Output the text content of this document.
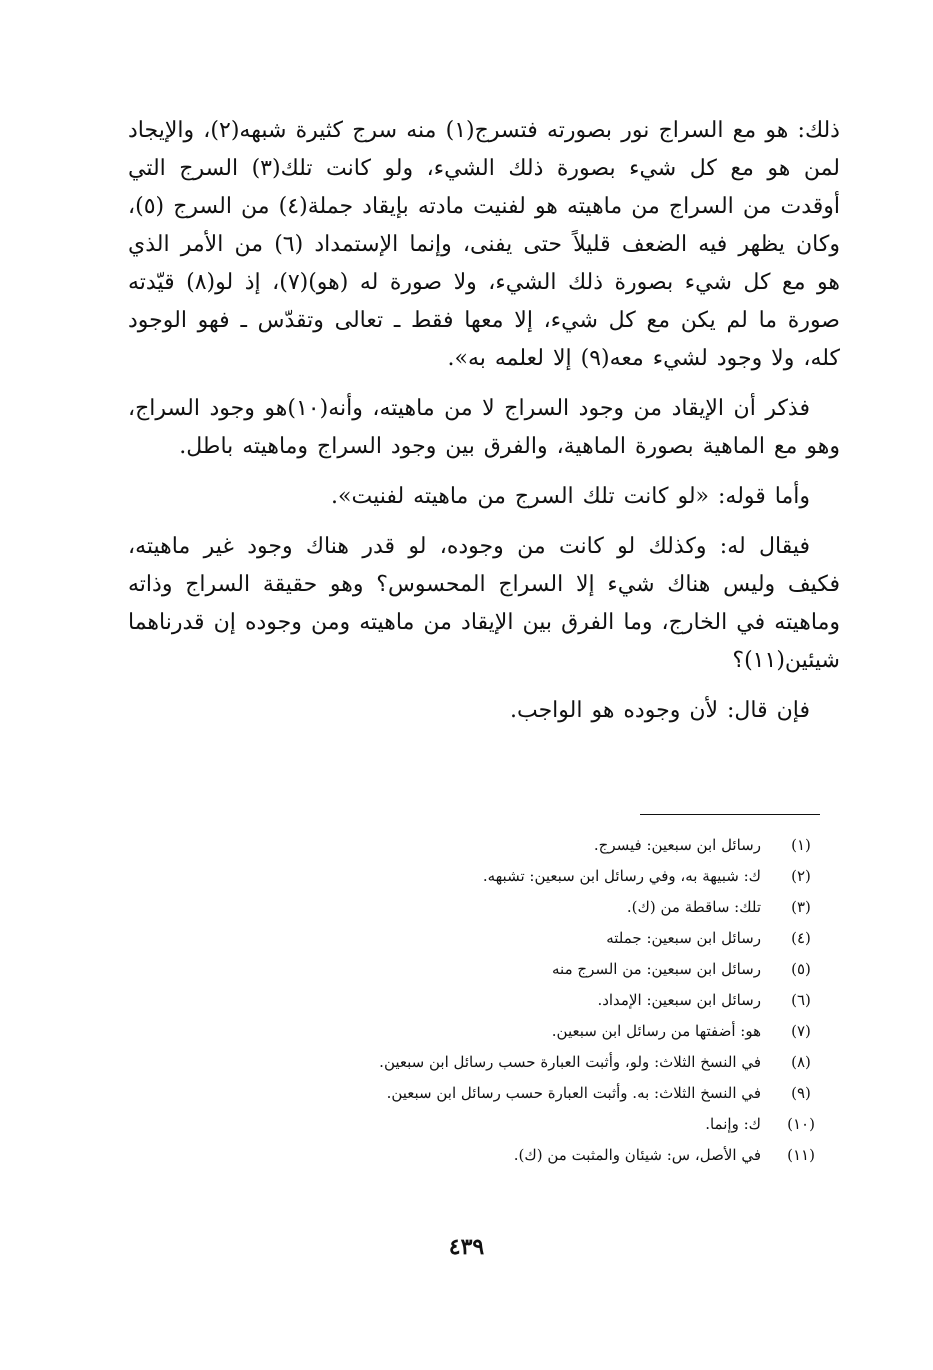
ذلك: هو مع السراج نور بصورته فتسرج(١) منه سرج كثيرة شبهه(٢)، والإيجاد لمن هو مع كل شيء بصورة ذلك الشيء، ولو كانت تلك(٣) السرج التي أوقدت من السراج من ماهيته هو لفنيت مادته بإيقاد جملة(٤) من السرج (٥)، وكان يظهر فيه الضعف قليلاً حتى يفنى، وإنما الإستمداد (٦) من الأمر الذي هو مع كل شيء بصورة ذلك الشيء، ولا صورة له (هو)(٧)، إذ لو(٨) قيّدته صورة ما لم يكن مع كل شيء، إلا معها فقط ـ تعالى وتقدّس ـ فهو الوجود كله، ولا وجود لشيء معه(٩) إلا لعلمه به».

فذكر أن الإيقاد من وجود السراج لا من ماهيته، وأنه(١٠)هو وجود السراج، وهو مع الماهية بصورة الماهية، والفرق بين وجود السراج وماهيته باطل.

وأما قوله: «لو كانت تلك السرج من ماهيته لفنيت».

فيقال له: وكذلك لو كانت من وجوده، لو قدر هناك وجود غير ماهيته، فكيف وليس هناك شيء إلا السراج المحسوس؟ وهو حقيقة السراج وذاته وماهيته في الخارج، وما الفرق بين الإيقاد من ماهيته ومن وجوده إن قدرناهما شيئين(١١)؟

فإن قال: لأن وجوده هو الواجب.

(١)
رسائل ابن سبعين: فيسرج.
(٢)
ك: شبيهة به، وفي رسائل ابن سبعين: تشبهه.
(٣)
تلك: ساقطة من (ك).
(٤)
رسائل ابن سبعين: جملته
(٥)
رسائل ابن سبعين: من السرج منه
(٦)
رسائل ابن سبعين: الإمداد.
(٧)
هو: أضفتها من رسائل ابن سبعين.
(٨)
في النسخ الثلاث: ولو، وأثبت العبارة حسب رسائل ابن سبعين.
(٩)
في النسخ الثلاث: به. وأثبت العبارة حسب رسائل ابن سبعين.
(١٠)
ك: وإنما.
(١١)
في الأصل، س: شيئان والمثبت من (ك).
٤٣٩
